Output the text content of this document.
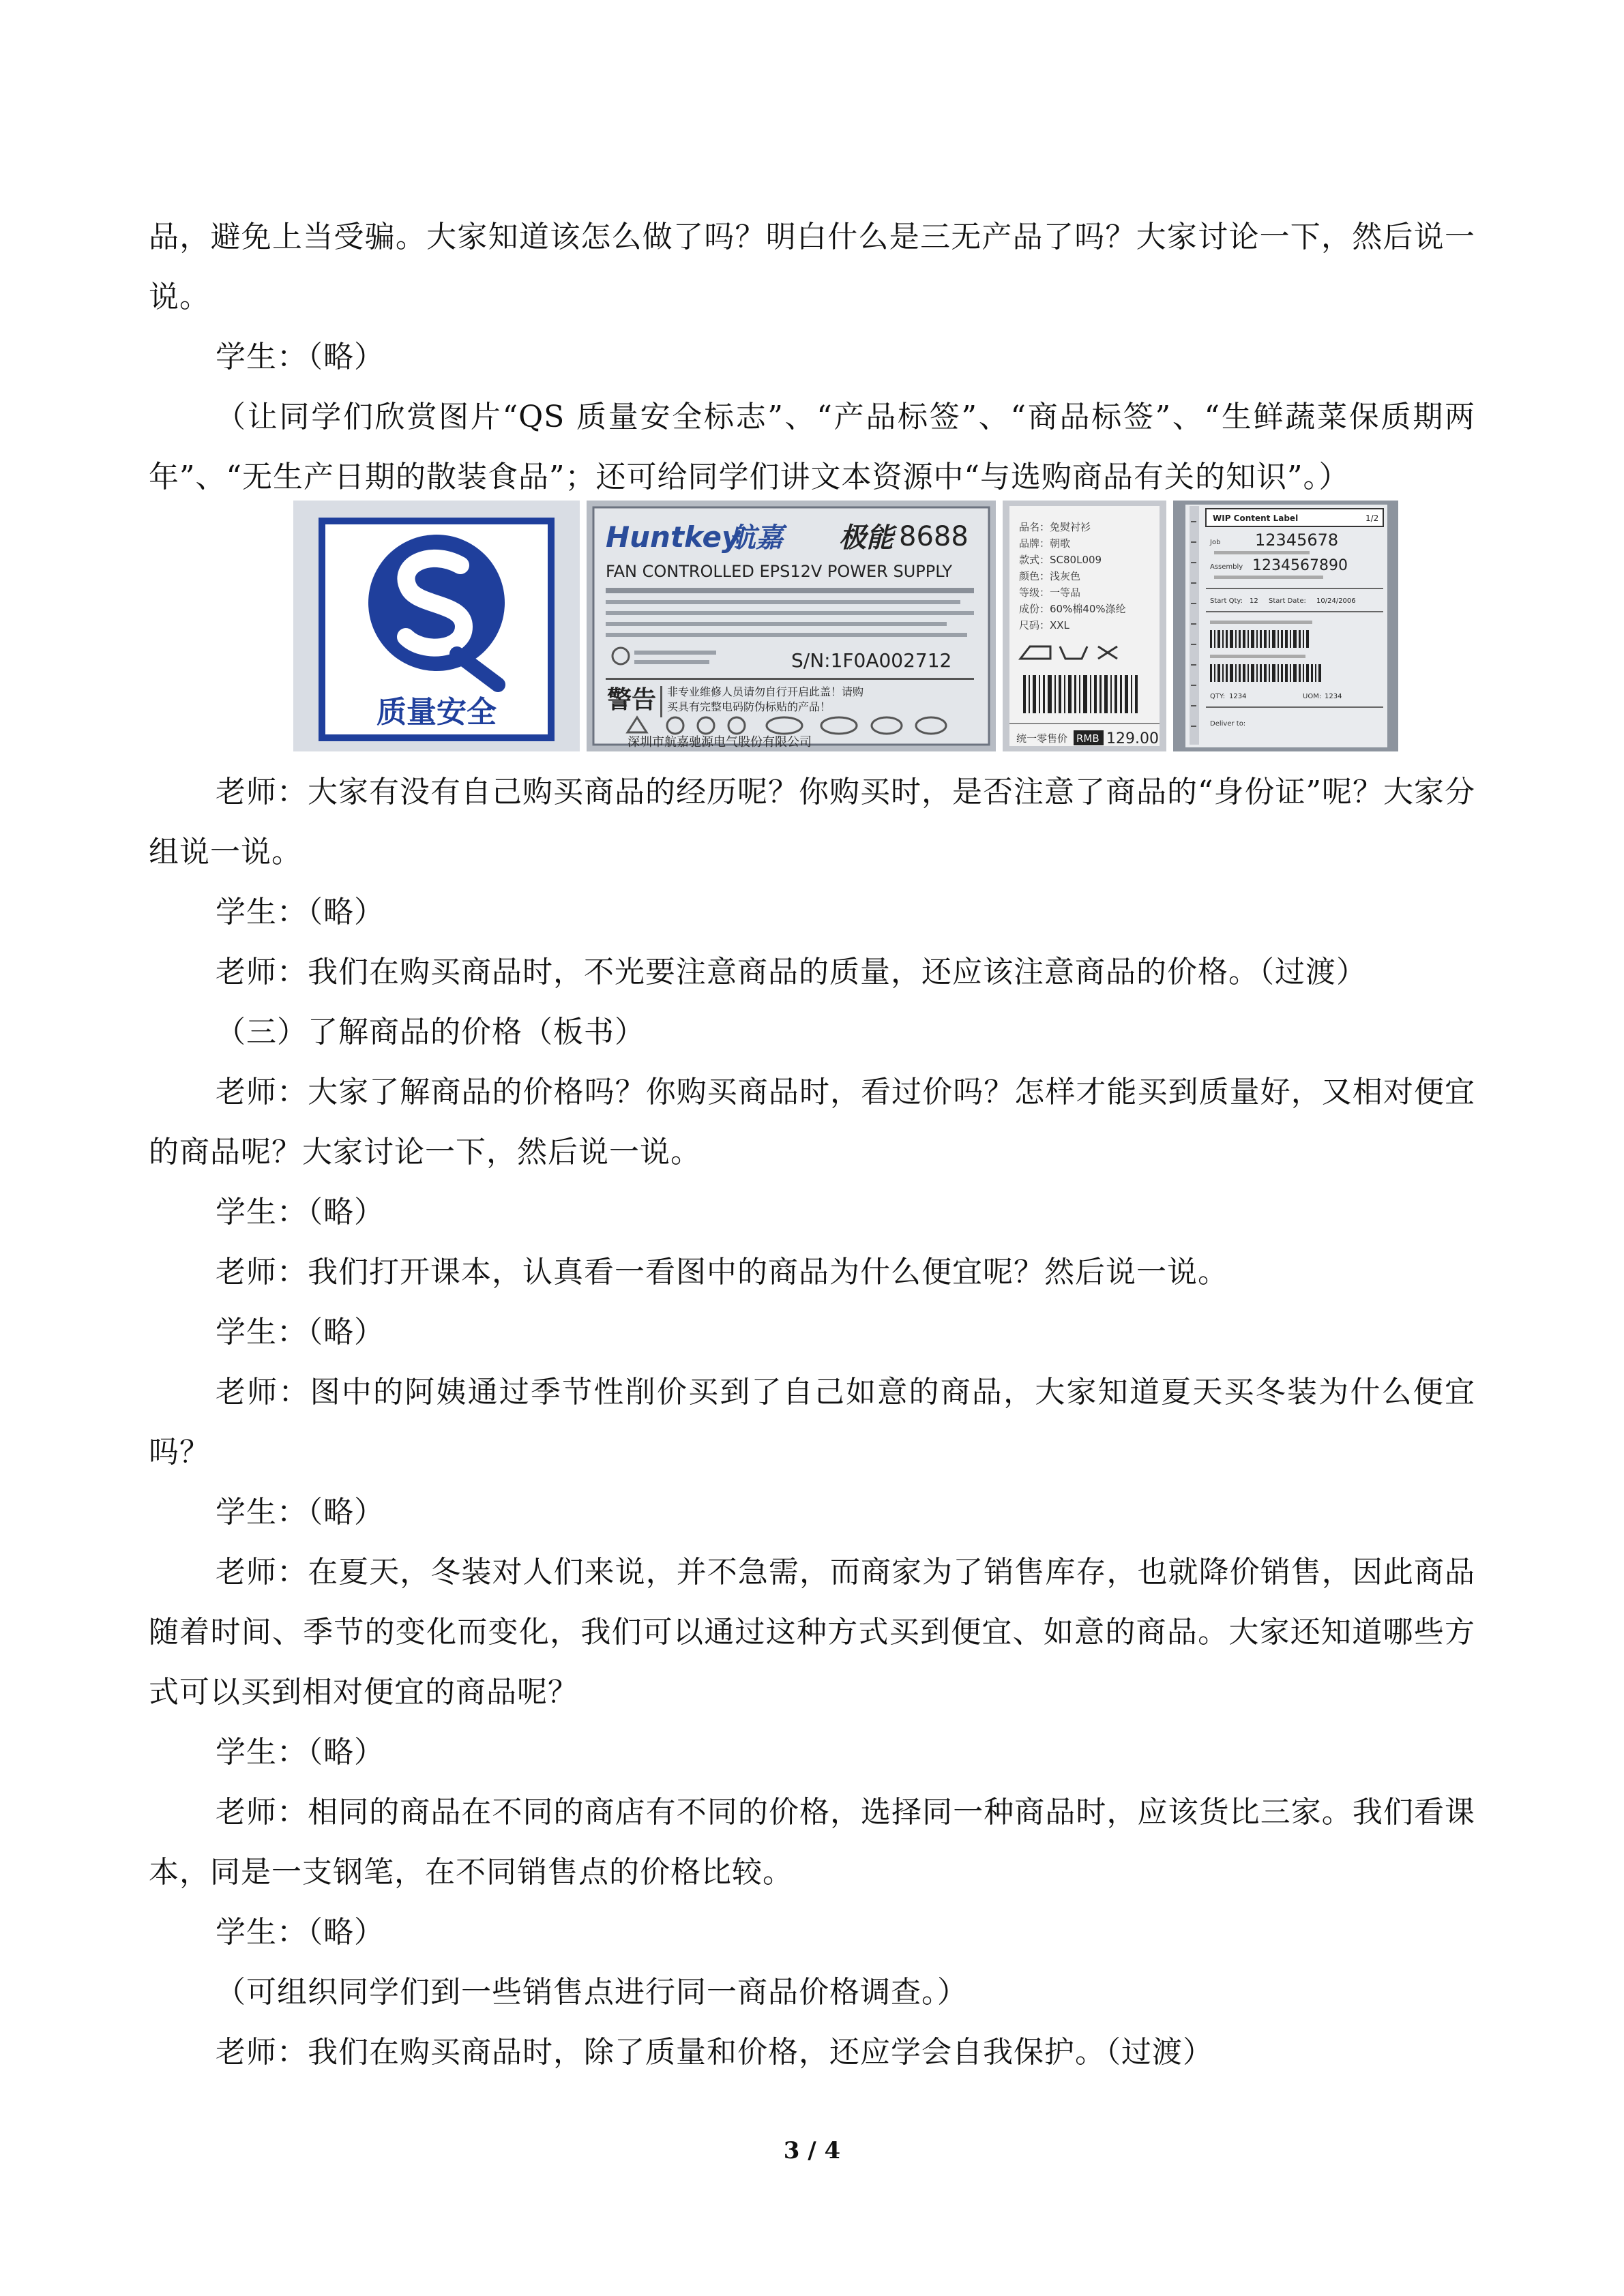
品，避免上当受骗。大家知道该怎么做了吗？明白什么是三无产品了吗？大家讨论一下，然后说一说。

学生：（略）

（让同学们欣赏图片“QS 质量安全标志”、“产品标签”、“商品标签”、“生鲜蔬菜保质期两年”、“无生产日期的散装食品”；还可给同学们讲文本资源中“与选购商品有关的知识”。）

质量安全
Huntkey
航嘉 极能 8688
FAN CONTROLLED EPS12V POWER SUPPLY
S/N:1F0A002712
警告 非专业维修人员请勿自行开启此盖！请购买具有完整电码防伪标贴的产品！
深圳市航嘉驰源电气股份有限公司
品名：免熨衬衫
品牌：朝歌
款式：SC80L009
颜色：浅灰色
等级：一等品
成份：60%棉40%涤纶
尺码：XXL
统一零售价 RMB 129.00
WIP Content Label	1/2
Job 12345678
Assembly 1234567890
Start Qty: 12 Start Date: 10/24/2006
QTY: 1234	UOM: 1234
Deliver to:

老师：大家有没有自己购买商品的经历呢？你购买时，是否注意了商品的“身份证”呢？大家分组说一说。

学生：（略）

老师：我们在购买商品时，不光要注意商品的质量，还应该注意商品的价格。（过渡）

（三）了解商品的价格（板书）

老师：大家了解商品的价格吗？你购买商品时，看过价吗？怎样才能买到质量好，又相对便宜的商品呢？大家讨论一下，然后说一说。

学生：（略）

老师：我们打开课本，认真看一看图中的商品为什么便宜呢？然后说一说。

学生：（略）

老师：图中的阿姨通过季节性削价买到了自己如意的商品，大家知道夏天买冬装为什么便宜吗？

学生：（略）

老师：在夏天，冬装对人们来说，并不急需，而商家为了销售库存，也就降价销售，因此商品随着时间、季节的变化而变化，我们可以通过这种方式买到便宜、如意的商品。大家还知道哪些方式可以买到相对便宜的商品呢？

学生：（略）

老师：相同的商品在不同的商店有不同的价格，选择同一种商品时，应该货比三家。我们看课本，同是一支钢笔，在不同销售点的价格比较。

学生：（略）

（可组织同学们到一些销售点进行同一商品价格调查。）

老师：我们在购买商品时，除了质量和价格，还应学会自我保护。（过渡）

3 / 4
